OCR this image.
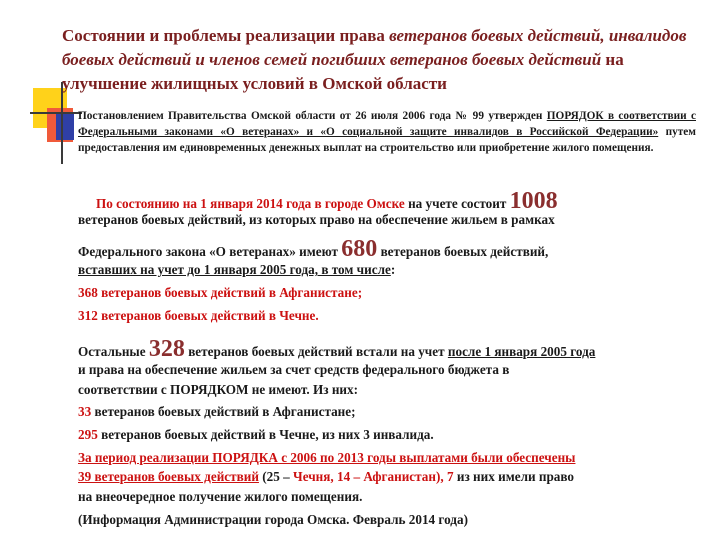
Состоянии и проблемы реализации права ветеранов боевых действий, инвалидов боевых действий и членов семей погибших ветеранов боевых действий на улучшение жилищных условий в Омской области

Постановлением Правительства Омской области от 26 июля 2006 года № 99 утвержден ПОРЯДОК в соответствии с Федеральными законами «О ветеранах» и «О социальной защите инвалидов в Российской Федерации» путем предоставления им единовременных денежных выплат на строительство или приобретение жилого помещения.

По состоянию на 1 января 2014 года в городе Омске на учете состоит 1008

ветеранов боевых действий, из которых право на обеспечение жильем в рамках

Федерального закона «О ветеранах» имеют 680 ветеранов боевых действий,

вставших на учет до 1 января 2005 года, в том числе:

368 ветеранов боевых действий в Афганистане;

312 ветеранов боевых действий в Чечне.

Остальные 328 ветеранов боевых действий встали на учет после 1 января 2005 года

и права на обеспечение жильем за счет средств федерального бюджета в

соответствии с ПОРЯДКОМ не имеют. Из них:

33 ветеранов боевых действий в Афганистане;

295 ветеранов боевых действий в Чечне, из них 3 инвалида.

За период реализации ПОРЯДКА с 2006 по 2013 годы выплатами были обеспечены

39 ветеранов боевых действий (25 – Чечня, 14 – Афганистан), 7 из них имели право

на внеочередное получение жилого помещения.

(Информация Администрации города Омска. Февраль 2014 года)
